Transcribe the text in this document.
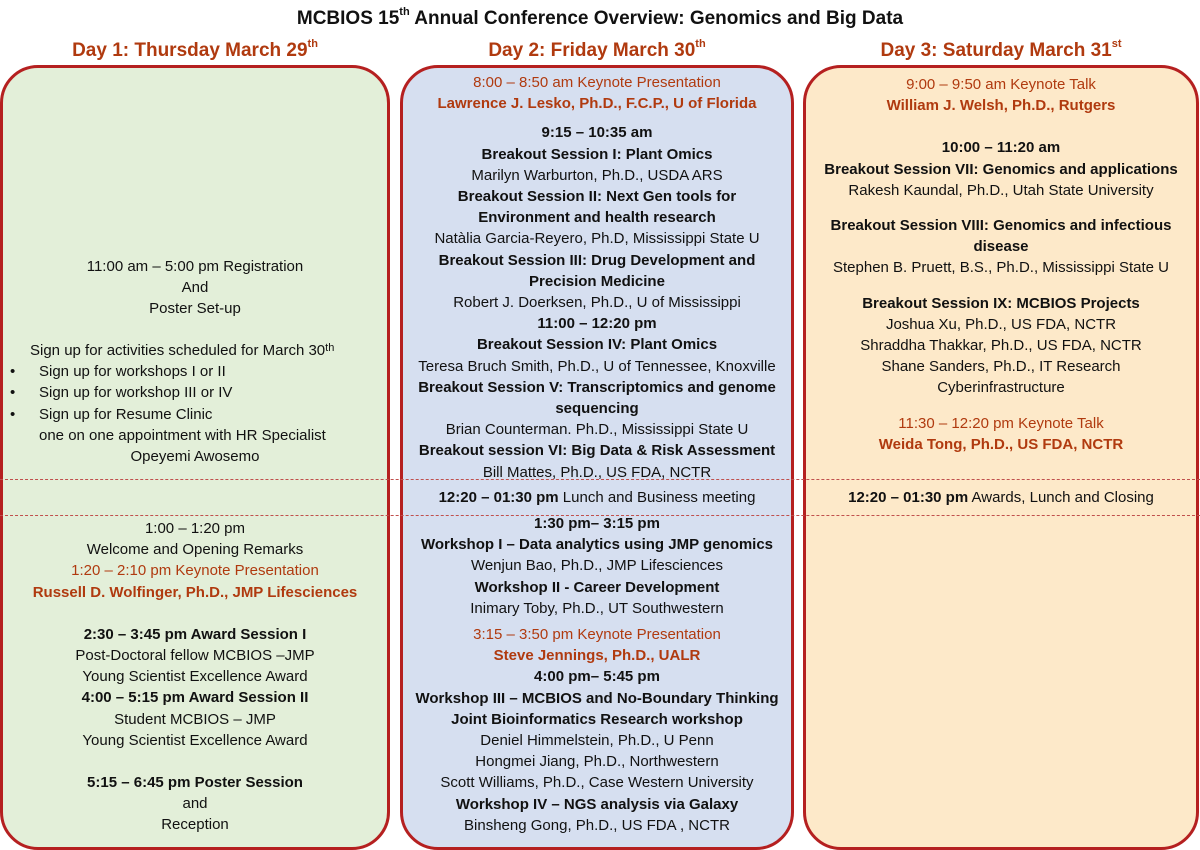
MCBIOS 15th Annual Conference Overview: Genomics and Big Data
Day 1: Thursday March 29th	Day 2: Friday March 30th	Day 3: Saturday March 31st
11:00 am – 5:00 pm Registration
And
Poster Set-up
Sign up for activities scheduled for March 30th
• Sign up for workshops I or II
• Sign up for workshop III or IV
• Sign up for Resume Clinic
one on one appointment with HR Specialist
Opeyemi Awosemo
1:00 – 1:20 pm
Welcome and Opening Remarks
1:20 – 2:10 pm Keynote Presentation
Russell D. Wolfinger, Ph.D., JMP Lifesciences
2:30 – 3:45 pm Award Session I
Post-Doctoral fellow MCBIOS –JMP
Young Scientist Excellence Award
4:00 – 5:15 pm Award Session II
Student MCBIOS – JMP
Young Scientist Excellence Award
5:15 – 6:45 pm Poster Session
and
Reception
8:00 – 8:50 am Keynote Presentation
Lawrence J. Lesko, Ph.D., F.C.P., U of Florida
9:15 – 10:35 am
Breakout Session I: Plant Omics
Marilyn Warburton, Ph.D., USDA ARS
Breakout Session II: Next Gen tools for
Environment and health research
Natàlia Garcia-Reyero, Ph.D, Mississippi State U
Breakout Session III: Drug Development and
Precision Medicine
Robert J. Doerksen, Ph.D., U of Mississippi
11:00 – 12:20 pm
Breakout Session IV: Plant Omics
Teresa Bruch Smith, Ph.D., U of Tennessee, Knoxville
Breakout Session V: Transcriptomics and genome
sequencing
Brian Counterman. Ph.D., Mississippi State U
Breakout session VI: Big Data & Risk Assessment
Bill Mattes, Ph.D., US FDA, NCTR
12:20 – 01:30 pm Lunch and Business meeting
1:30 pm– 3:15 pm
Workshop I – Data analytics using JMP genomics
Wenjun Bao, Ph.D., JMP Lifesciences
Workshop II - Career Development
Inimary Toby, Ph.D., UT Southwestern
3:15 – 3:50 pm Keynote Presentation
Steve Jennings, Ph.D., UALR
4:00 pm– 5:45 pm
Workshop III – MCBIOS and No-Boundary Thinking
Joint Bioinformatics Research workshop
Deniel Himmelstein, Ph.D., U Penn
Hongmei Jiang, Ph.D., Northwestern
Scott Williams, Ph.D., Case Western University
Workshop IV – NGS analysis via Galaxy
Binsheng Gong, Ph.D., US FDA , NCTR
9:00 – 9:50 am Keynote Talk
William J. Welsh, Ph.D., Rutgers
10:00 – 11:20 am
Breakout Session VII: Genomics and applications
Rakesh Kaundal, Ph.D., Utah State University
Breakout Session VIII: Genomics and infectious
disease
Stephen B. Pruett, B.S., Ph.D., Mississippi State U
Breakout Session IX: MCBIOS Projects
Joshua Xu, Ph.D., US FDA, NCTR
Shraddha Thakkar, Ph.D., US FDA, NCTR
Shane Sanders, Ph.D., IT Research
Cyberinfrastructure
11:30 – 12:20 pm Keynote Talk
Weida Tong, Ph.D., US FDA, NCTR
12:20 – 01:30 pm Awards, Lunch and Closing
